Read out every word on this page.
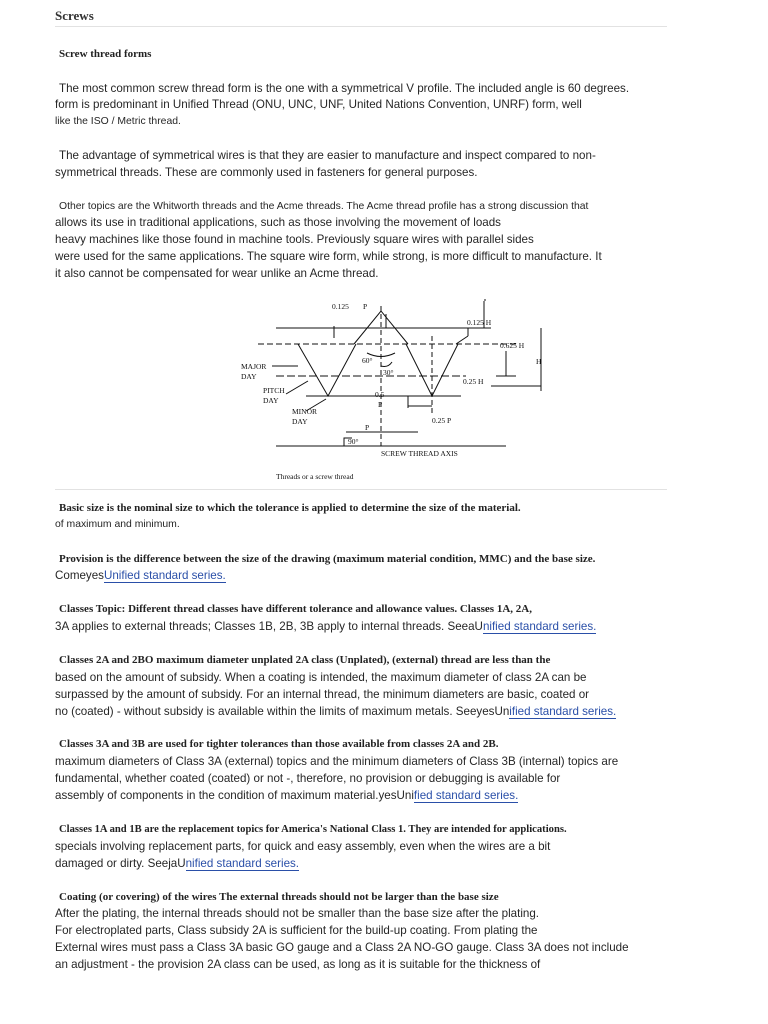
Screws
Screw thread forms
The most common screw thread form is the one with a symmetrical V profile. The included angle is 60 degrees.
form is predominant in Unified Thread (ONU, UNC, UNF, United Nations Convention, UNRF) form, well
like the ISO / Metric thread.
The advantage of symmetrical wires is that they are easier to manufacture and inspect compared to non-
symmetrical threads. These are commonly used in fasteners for general purposes.
Other topics are the Whitworth threads and the Acme threads. The Acme thread profile has a strong discussion that
allows its use in traditional applications, such as those involving the movement of loads
heavy machines like those found in machine tools. Previously square wires with parallel sides
were used for the same applications. The square wire form, while strong, is more difficult to manufacture. It
it also cannot be compensated for wear unlike an Acme thread.
0.125 P
0.125 H
0.625 H
H
MAJOR
DAY
60°
30°
0.25 H
PITCH
DAY
0.5
P
MINOR
DAY
P
0.25 P
90°
SCREW THREAD AXIS
Threads or a screw thread
Basic size is the nominal size to which the tolerance is applied to determine the size of the material.
of maximum and minimum.
Provision is the difference between the size of the drawing (maximum material condition, MMC) and the base size.
ComeyesUnified standard series.
Classes Topic: Different thread classes have different tolerance and allowance values. Classes 1A, 2A,
3A applies to external threads; Classes 1B, 2B, 3B apply to internal threads. SeeaUnified standard series.
Classes 2A and 2BO maximum diameter unplated 2A class (Unplated), (external) thread are less than the
based on the amount of subsidy. When a coating is intended, the maximum diameter of class 2A can be
surpassed by the amount of subsidy. For an internal thread, the minimum diameters are basic, coated or
no (coated) - without subsidy is available within the limits of maximum metals. SeeyesUnified standard series.
Classes 3A and 3B are used for tighter tolerances than those available from classes 2A and 2B.
maximum diameters of Class 3A (external) topics and the minimum diameters of Class 3B (internal) topics are
fundamental, whether coated (coated) or not -, therefore, no provision or debugging is available for
assembly of components in the condition of maximum material.yesUnified standard series.
Classes 1A and 1B are the replacement topics for America's National Class 1. They are intended for applications.
specials involving replacement parts, for quick and easy assembly, even when the wires are a bit
damaged or dirty. SeejaUnified standard series.
Coating (or covering) of the wires The external threads should not be larger than the base size
After the plating, the internal threads should not be smaller than the base size after the plating.
For electroplated parts, Class subsidy 2A is sufficient for the build-up coating. From plating the
External wires must pass a Class 3A basic GO gauge and a Class 2A NO-GO gauge. Class 3A does not include
an adjustment - the provision 2A class can be used, as long as it is suitable for the thickness of
